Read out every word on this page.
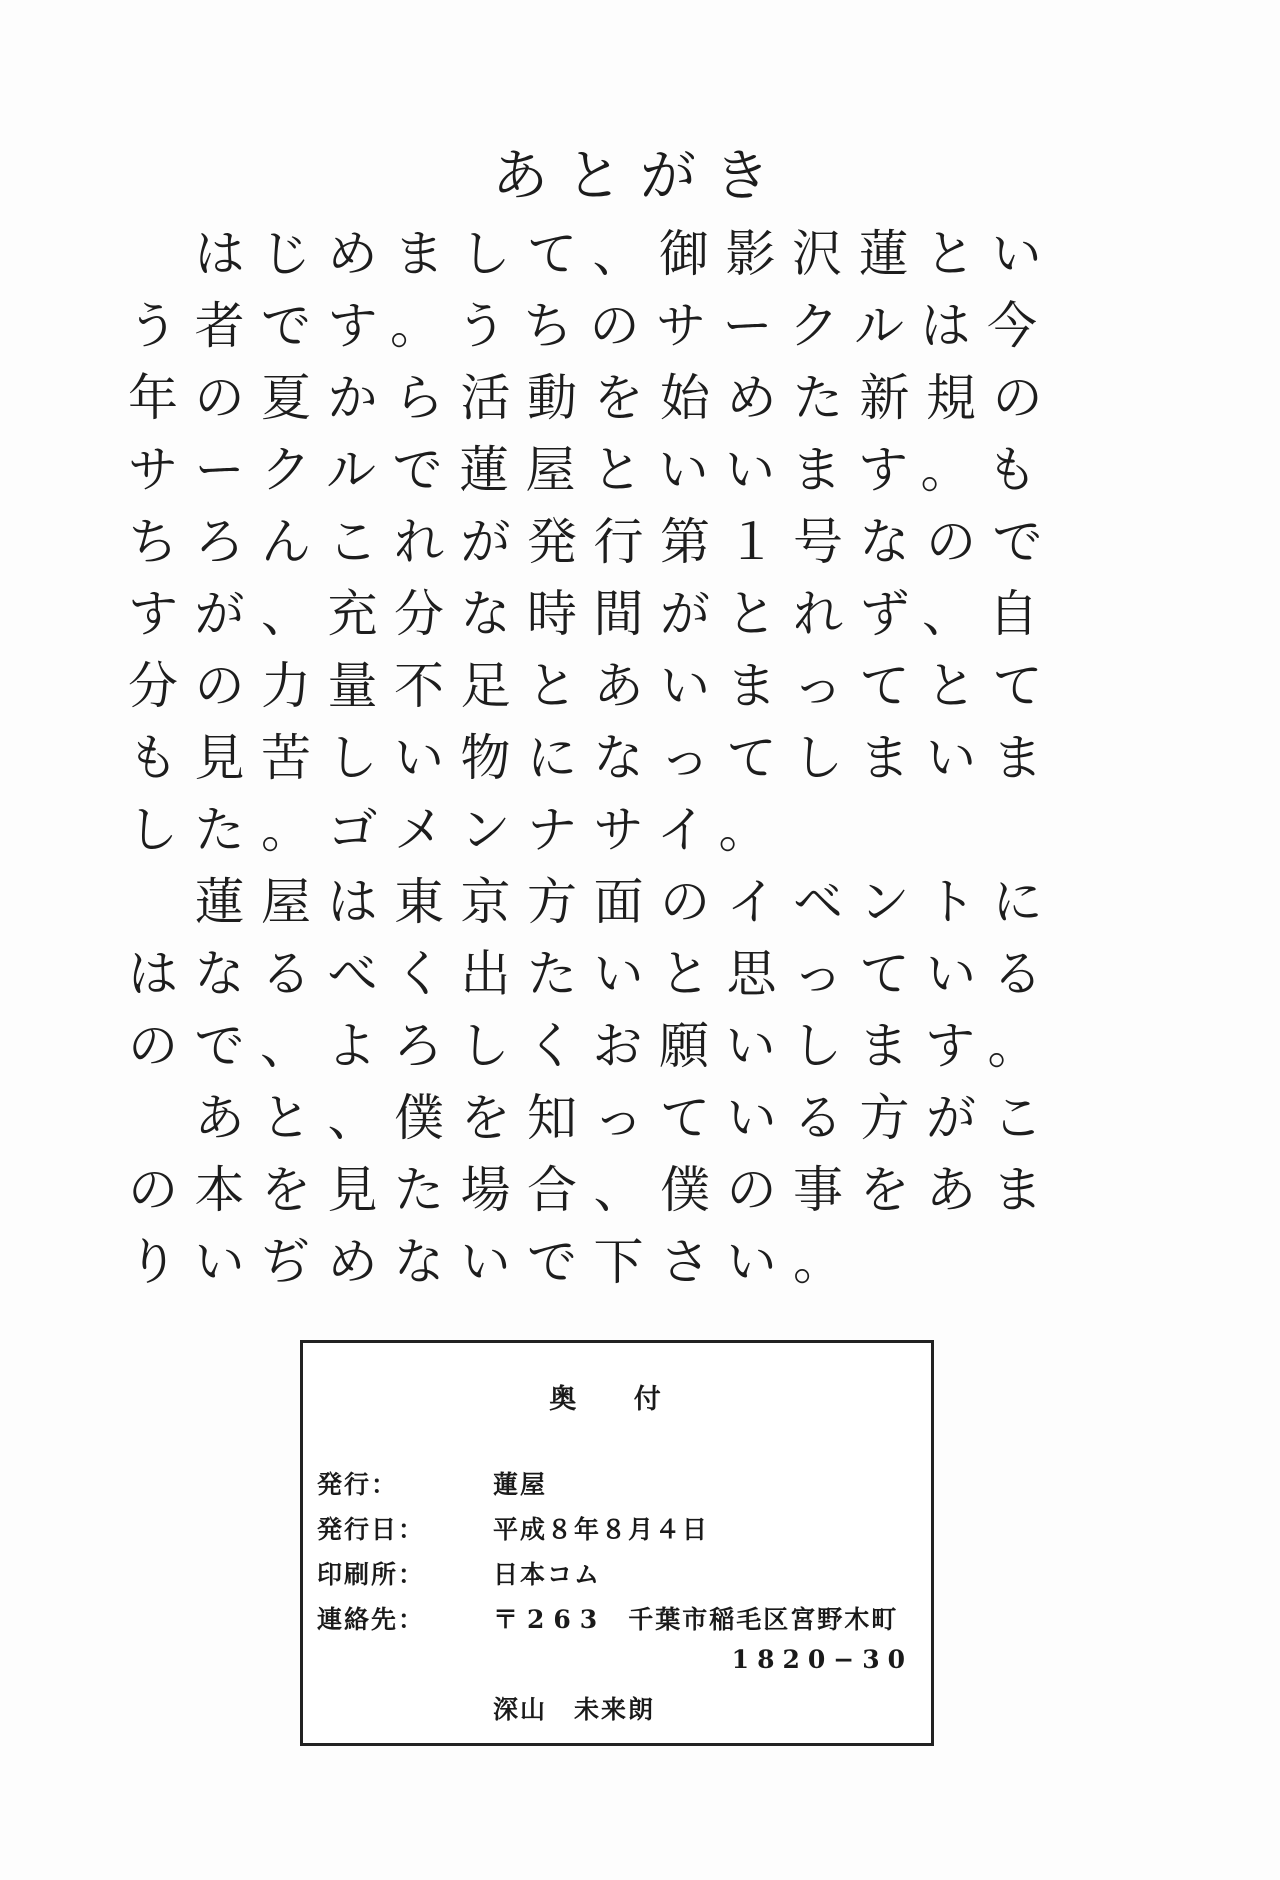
あとがき
　はじめまして、御影沢蓮とい
う者です。うちのサークルは今
年の夏から活動を始めた新規の
サークルで蓮屋といいます。も
ちろんこれが発行第１号なので
すが、充分な時間がとれず、自
分の力量不足とあいまってとて
も見苦しい物になってしまいま
した。ゴメンナサイ。
　蓮屋は東京方面のイベントに
はなるべく出たいと思っている
ので、よろしくお願いします。
　あと、僕を知っている方がこ
の本を見た場合、僕の事をあま
りいぢめないで下さい。
奥 付
発行：	蓮屋
発行日：	平成８年８月４日
印刷所：	日本コム
連絡先：	〒263 千葉市稲毛区宮野木町
1820−30
深山　未来朗
